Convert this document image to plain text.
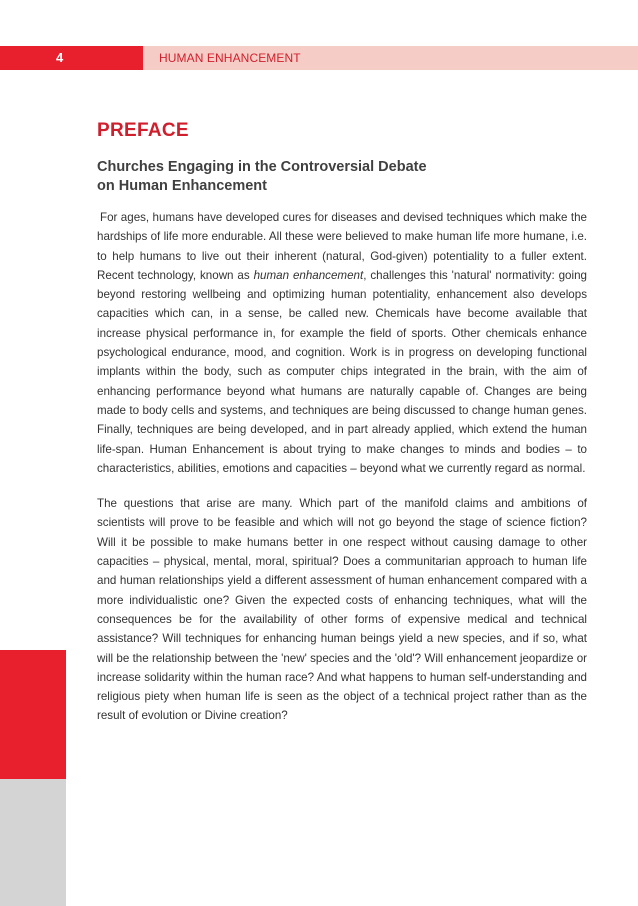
4	HUMAN ENHANCEMENT
PREFACE
Churches Engaging in the Controversial Debate
on Human Enhancement

For ages, humans have developed cures for diseases and devised techniques which make the hardships of life more endurable. All these were believed to make human life more humane, i.e. to help humans to live out their inherent (natural, God-given) potentiality to a fuller extent. Recent technology, known as human enhancement, challenges this 'natural' normativity: going beyond restoring wellbeing and optimizing human potentiality, enhancement also develops capacities which can, in a sense, be called new. Chemicals have become available that increase physical performance in, for example the field of sports. Other chemicals enhance psychological endurance, mood, and cognition. Work is in progress on developing functional implants within the body, such as computer chips integrated in the brain, with the aim of enhancing performance beyond what humans are naturally capable of. Changes are being made to body cells and systems, and techniques are being discussed to change human genes. Finally, techniques are being developed, and in part already applied, which extend the human life-span. Human Enhancement is about trying to make changes to minds and bodies – to characteristics, abilities, emotions and capacities – beyond what we currently regard as normal.

The questions that arise are many. Which part of the manifold claims and ambitions of scientists will prove to be feasible and which will not go beyond the stage of science fiction? Will it be possible to make humans better in one respect without causing damage to other capacities – physical, mental, moral, spiritual? Does a communitarian approach to human life and human relationships yield a different assessment of human enhancement compared with a more individualistic one? Given the expected costs of enhancing techniques, what will the consequences be for the availability of other forms of expensive medical and technical assistance? Will techniques for enhancing human beings yield a new species, and if so, what will be the relationship between the 'new' species and the 'old'? Will enhancement jeopardize or increase solidarity within the human race? And what happens to human self-understanding and religious piety when human life is seen as the object of a technical project rather than as the result of evolution or Divine creation?
